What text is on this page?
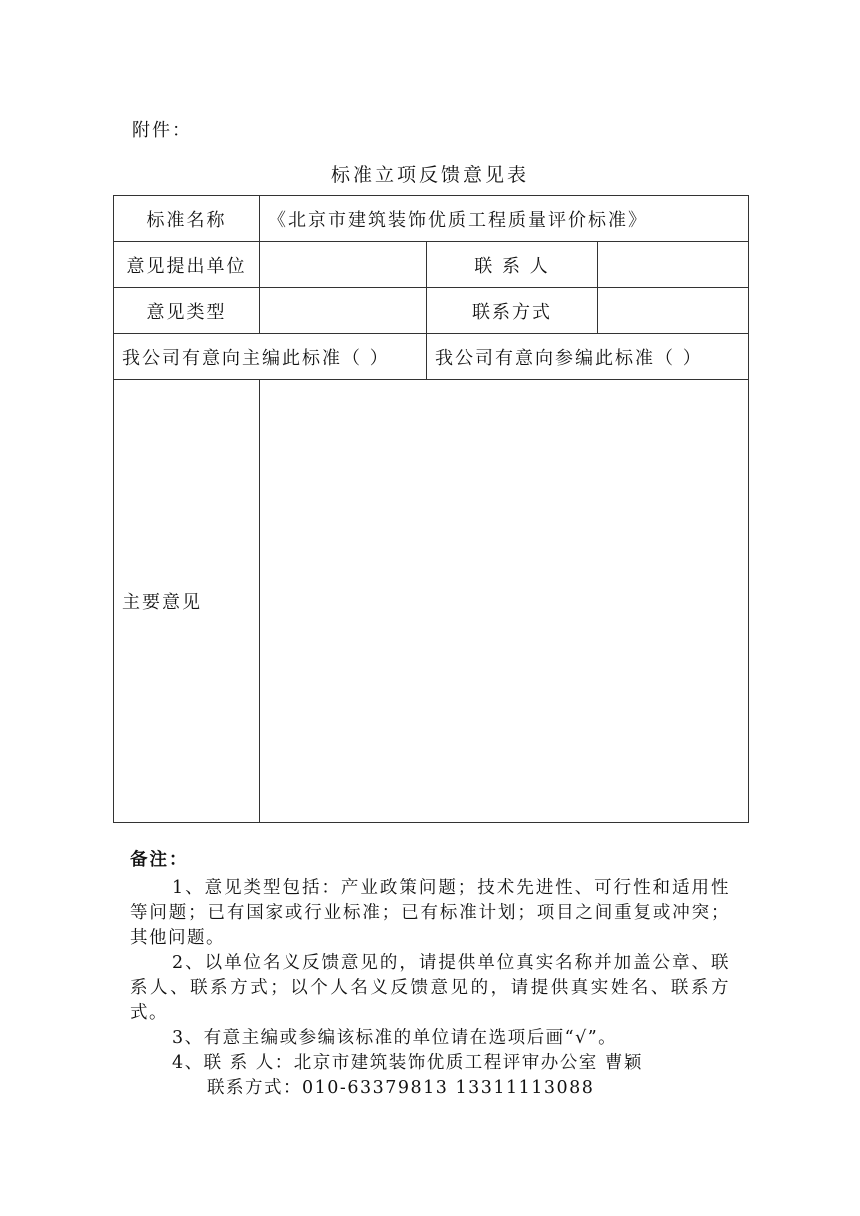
附件：
标准立项反馈意见表
标准名称	《北京市建筑装饰优质工程质量评价标准》		
意见提出单位		联 系 人	
意见类型		联系方式	
我公司有意向主编此标准（ ）		我公司有意向参编此标准（ ）	
主要意见			
备注：
1、意见类型包括：产业政策问题；技术先进性、可行性和适用性等问题；已有国家或行业标准；已有标准计划；项目之间重复或冲突；其他问题。
2、以单位名义反馈意见的，请提供单位真实名称并加盖公章、联系人、联系方式；以个人名义反馈意见的，请提供真实姓名、联系方式。
3、有意主编或参编该标准的单位请在选项后画“√”。
4、联 系 人：北京市建筑装饰优质工程评审办公室 曹颖
联系方式：010-63379813 13311113088
